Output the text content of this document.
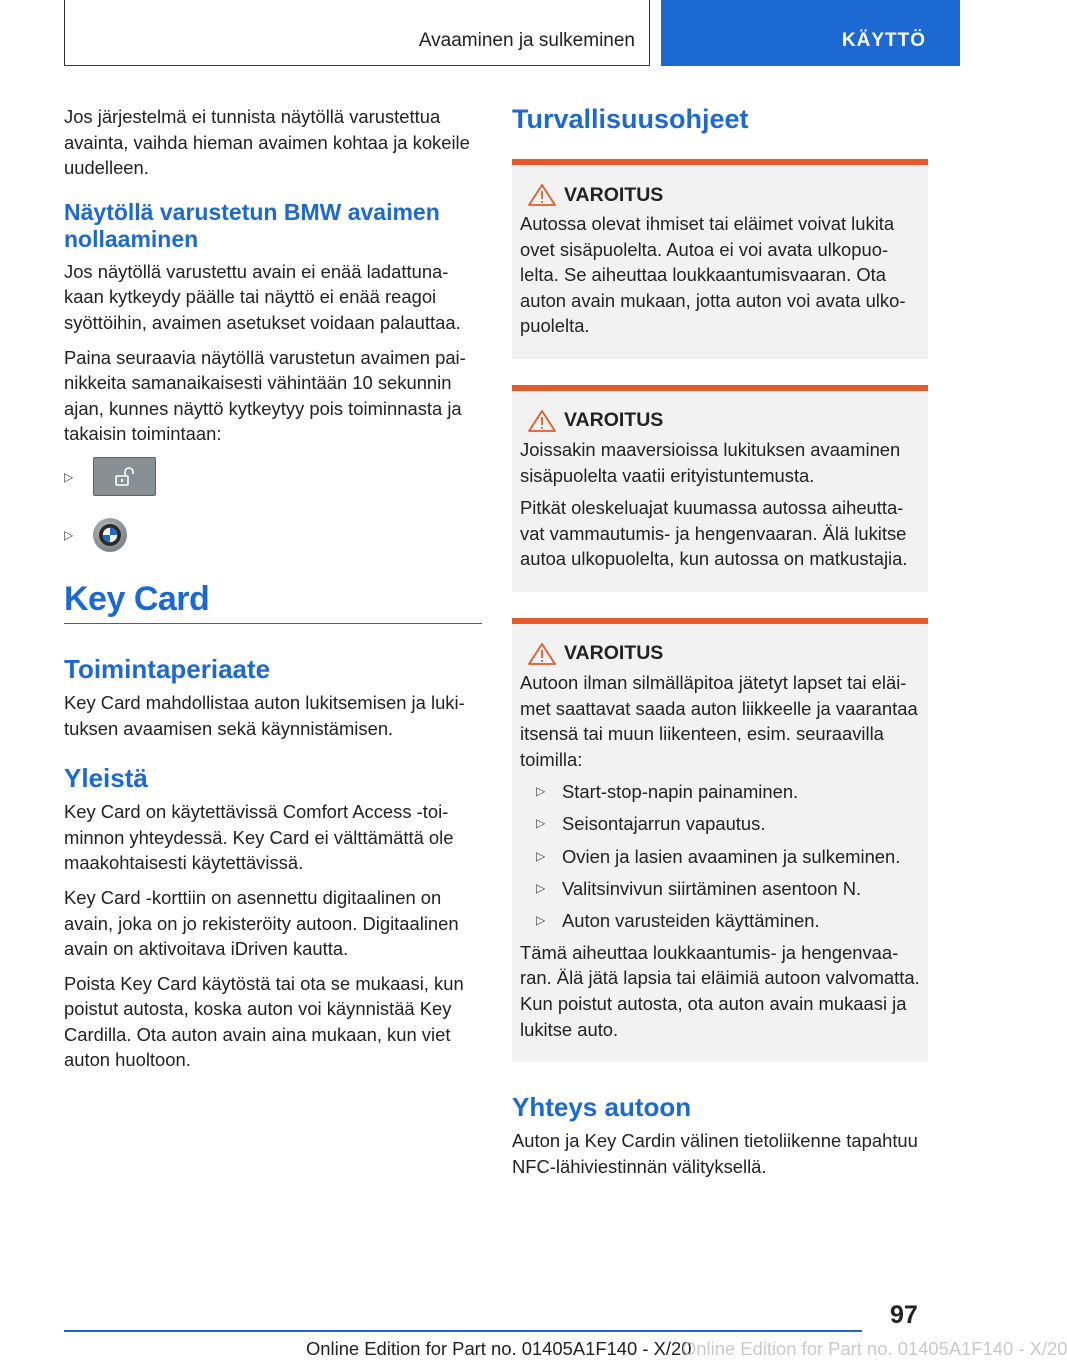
Avaaminen ja sulkeminen	KÄYTTÖ

Jos järjestelmä ei tunnista näytöllä varustettua avainta, vaihda hieman avaimen kohtaa ja kokeile uudelleen.

Näytöllä varustetun BMW avaimen nollaaminen

Jos näytöllä varustettu avain ei enää ladattunakaan kytkeydy päälle tai näyttö ei enää reagoi syöttöihin, avaimen asetukset voidaan palauttaa.

Paina seuraavia näytöllä varustetun avaimen painikkeita samanaikaisesti vähintään 10 sekunnin ajan, kunnes näyttö kytkeytyy pois toiminnasta ja takaisin toimintaan:

▷
▷
Key Card
Toimintaperiaate

Key Card mahdollistaa auton lukitsemisen ja lukituksen avaamisen sekä käynnistämisen.

Yleistä

Key Card on käytettävissä Comfort Access -toiminnon yhteydessä. Key Card ei välttämättä ole maakohtaisesti käytettävissä.

Key Card -korttiin on asennettu digitaalinen on avain, joka on jo rekisteröity autoon. Digitaalinen avain on aktivoitava iDriven kautta.

Poista Key Card käytöstä tai ota se mukaasi, kun poistut autosta, koska auton voi käynnistää Key Cardilla. Ota auton avain aina mukaan, kun viet auton huoltoon.

Turvallisuusohjeet
VAROITUS

Autossa olevat ihmiset tai eläimet voivat lukita ovet sisäpuolelta. Autoa ei voi avata ulkopuolelta. Se aiheuttaa loukkaantumisvaaran. Ota auton avain mukaan, jotta auton voi avata ulkopuolelta.

VAROITUS

Joissakin maaversioissa lukituksen avaaminen sisäpuolelta vaatii erityistuntemusta.

Pitkät oleskeluajat kuumassa autossa aiheuttavat vammautumis- ja hengenvaaran. Älä lukitse autoa ulkopuolelta, kun autossa on matkustajia.

VAROITUS

Autoon ilman silmälläpitoa jätetyt lapset tai eläimet saattavat saada auton liikkeelle ja vaarantaa itsensä tai muun liikenteen, esim. seuraavilla toimilla:

▷ Start-stop-napin painaminen.
▷ Seisontajarrun vapautus.
▷ Ovien ja lasien avaaminen ja sulkeminen.
▷ Valitsinvivun siirtäminen asentoon N.
▷ Auton varusteiden käyttäminen.

Tämä aiheuttaa loukkaantumis- ja hengenvaaran. Älä jätä lapsia tai eläimiä autoon valvomatta. Kun poistut autosta, ota auton avain mukaasi ja lukitse auto.

Yhteys autoon

Auton ja Key Cardin välinen tietoliikenne tapahtuu NFC-lähiviestinnän välityksellä.

97
Online Edition for Part no. 01405A1F140 - X/20
Online Edition for Part no. 01405A1F140 - X/20
